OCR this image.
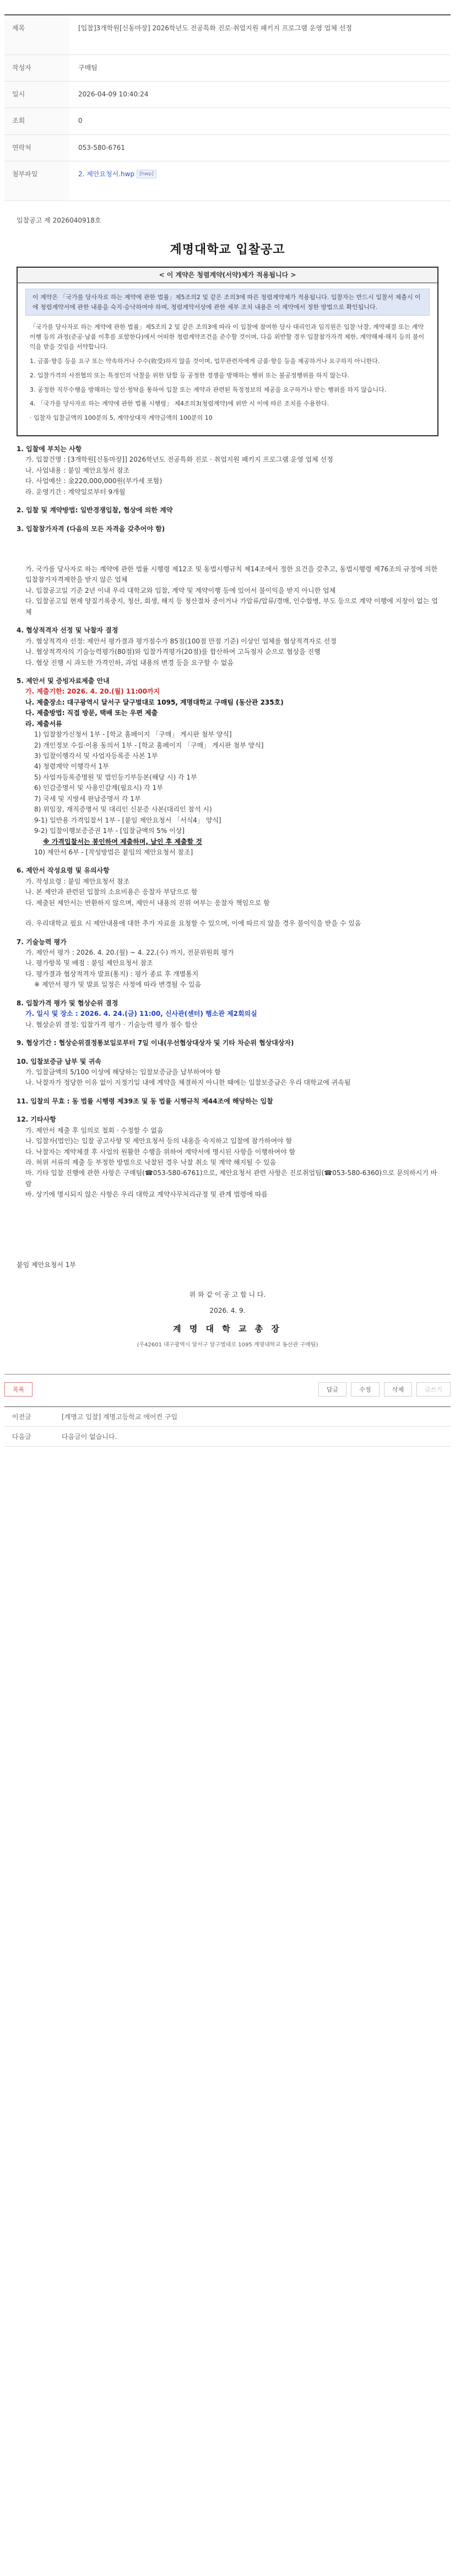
제목	[입찰]3개학원[신동마장] 2026학년도 전공특화 진로·취업지원 패키지 프로그램 운영 업체 선정
작성자	구매팀
일시	2026-04-09 10:40:24
조회	0
연락처	053-580-6761
첨부파일	2. 제안요청서.hwp [hwp]
입찰공고 제 2026040918호
계명대학교 입찰공고
< 이 계약은 청렴계약(서약)제가 적용됩니다 >
이 계약은 「국가를 당사자로 하는 계약에 관한 법률」제5조의2 및 같은 조의3에 따른 청렴계약제가 적용됩니다. 입찰자는 반드시 입찰서 제출시 이에 청렴계약서에 관한 내용을 숙지·승낙하여야 하며, 청렴계약서상에 관한 세부 조치 내용은 이 계약에서 정한 방법으로 확인됩니다.

「국가를 당사자로 하는 계약에 관한 법률」제5조의 2 및 같은 조의3에 따라 이 입찰에 참여한 당사 대리인과 임직원은 입찰·낙찰, 계약체결 또는 계약이행 등의 과정(준공·납품 이후를 포함한다)에서 어떠한 청렴계약조건을 준수할 것이며, 다음 위반할 경우 입찰참가자격 제한, 계약해제·해지 등의 불이익을 받을 것임을 서약합니다.

1. 금품·향응 등을 요구 또는 약속하거나 수수(收受)하지 않을 것이며, 업무관련자에게 금품·향응 등을 제공하거나 요구하지 아니한다.

2. 입찰가격의 사전협의 또는 특정인의 낙찰을 위한 담합 등 공정한 경쟁을 방해하는 행위 또는 불공정행위를 하지 않는다.

3. 공정한 직무수행을 방해하는 알선·청탁을 통하여 입찰 또는 계약과 관련된 특정정보의 제공을 요구하거나 받는 행위를 하지 않습니다.

4. 「국가를 당사자로 하는 계약에 관한 법률 시행령」 제4조의3(청렴계약)에 위반 시 이에 따른 조치를 수용한다.

· 입찰자 입찰금액의 100분의 5, 계약상대자 계약금액의 100분의 10

1. 입찰에 부치는 사항
가. 입찰건명 : [3개학원[신동마장]] 2026학년도 전공특화 진로 · 취업지원 패키지 프로그램 운영 업체 선정
나. 사업내용 : 붙임 제안요청서 참조
다. 사업예산 : 金220,000,000원(부가세 포함)
라. 운영기간 : 계약일로부터 9개월
2. 입찰 및 계약방법: 일반경쟁입찰, 협상에 의한 계약
3. 입찰참가자격 (다음의 모든 자격을 갖추어야 함)
가. 국가를 당사자로 하는 계약에 관한 법률 시행령 제12조 및 동법시행규칙 제14조에서 정한 요건을 갖추고, 동법시행령 제76조의 규정에 의한 입찰참가자격제한을 받지 않은 업체
나. 입찰공고일 기준 2년 이내 우리 대학교와 입찰, 계약 및 계약이행 등에 있어서 불이익을 받지 아니한 업체
다. 입찰공고일 현재 양질기록중지, 청산, 회생, 해지 등 청산절차 중이거나 가압류/압류/경매, 인수합병, 부도 등으로 계약 이행에 지장이 없는 업체
4. 협상적격자 선정 및 낙찰자 결정
가. 협상적격자 선정: 제안서 평가결과 평가점수가 85점(100점 만점 기준) 이상인 업체를 협상적격자로 선정
나. 협상적격자의 기술능력평가(80점)와 입찰가격평가(20점)를 합산하여 고득점자 순으로 협상을 진행
다. 협상 진행 시 과도한 가격인하, 과업 내용의 변경 등을 요구할 수 없음
5. 제안서 및 증빙자료제출 안내
가. 제출기한: 2026. 4. 20.(월) 11:00까지
나. 제출장소: 대구광역시 달서구 달구벌대로 1095, 계명대학교 구매팀 (동산관 235호)
다. 제출방법: 직접 방문, 택배 또는 우편 제출
라. 제출서류
1) 입찰참가신청서 1부 - [학교 홈페이지 「구매」 게시판 첨부 양식]
2) 개인정보 수집·이용 동의서 1부 - [학교 홈페이지 「구매」 게시판 첨부 양식]
3) 입찰이행각서 및 사업자등록증 사본 1부
4) 청렴계약 이행각서 1부
5) 사업자등록증명원 및 법인등기부등본(해당 시) 각 1부
6) 인감증명서 및 사용인감계(필요시) 각 1부
7) 국세 및 지방세 완납증명서 각 1부
8) 위임장, 재직증명서 및 대리인 신분증 사본(대리인 참석 시)
9-1) 일반용 가격입찰서 1부 - [붙임 제안요청서 「서식4」 양식]
9-2) 입찰이행보증증권 1부 - [입찰금액의 5% 이상]
※ 가격입찰서는 봉인하여 제출하며, 날인 후 제출할 것
10) 제안서 6부 - [작성방법은 붙임의 제안요청서 참조]
6. 제안서 작성요령 및 유의사항
가. 작성요령 : 붙임 제안요청서 참조
나. 본 제안과 관련된 입찰의 소요비용은 응찰자 부담으로 함
다. 제출된 제안서는 반환하지 않으며, 제안서 내용의 진위 여부는 응찰자 책임으로 함
라. 우리대학교 필요 시 제안내용에 대한 추가 자료를 요청할 수 있으며, 이에 따르지 않을 경우 불이익을 받을 수 있음
7. 기술능력 평가
가. 제안서 평가 : 2026. 4. 20.(월) ~ 4. 22.(수) 까지, 전문위원회 평가
나. 평가항목 및 배점 : 붙임 제안요청서 참조
다. 평가결과 협상적격자 발표(통지) : 평가 종료 후 개별통지
※ 제안서 평가 및 발표 일정은 사정에 따라 변경될 수 있음
8. 입찰가격 평가 및 협상순위 결정
가. 일시 및 장소 : 2026. 4. 24.(금) 11:00, 신사관(센터) 행소관 제2회의실
나. 협상순위 결정: 입찰가격 평가 · 기술능력 평가 점수 합산
9. 협상기간 : 협상순위결정통보일로부터 7일 이내(우선협상대상자 및 기타 차순위 협상대상자)
10. 입찰보증금 납부 및 귀속
가. 입찰금액의 5/100 이상에 해당하는 입찰보증금을 납부하여야 함
나. 낙찰자가 정당한 이유 없이 지정기일 내에 계약을 체결하지 아니한 때에는 입찰보증금은 우리 대학교에 귀속됨
11. 입찰의 무효 : 동 법률 시행령 제39조 및 동 법률 시행규칙 제44조에 해당하는 입찰
12. 기타사항
가. 제안서 제출 후 임의로 철회 · 수정할 수 없음
나. 입찰자(법인)는 입찰 공고사항 및 제안요청서 등의 내용을 숙지하고 입찰에 참가하여야 함
다. 낙찰자는 계약체결 후 사업의 원활한 수행을 위하여 계약서에 명시된 사항을 이행하여야 함
라. 허위 서류의 제출 등 부정한 방법으로 낙찰된 경우 낙찰 취소 및 계약 해지될 수 있음
마. 기타 입찰 진행에 관한 사항은 구매팀(☎053-580-6761)으로, 제안요청서 관련 사항은 진로취업팀(☎053-580-6360)으로 문의하시기 바람
바. 상기에 명시되지 않은 사항은 우리 대학교 계약사무처리규정 및 관계 법령에 따름
붙임 제안요청서 1부
위 와 같 이 공 고 합 니 다.
2026. 4. 9.
계 명 대 학 교 총 장
(우42601 대구광역시 달서구 달구벌대로 1095 계명대학교 동산관 구매팀)
목록	답글	수정	삭제	글쓰기
이전글	[계명고 입찰] 계명고등학교 에어컨 구입
다음글	다음글이 없습니다.
